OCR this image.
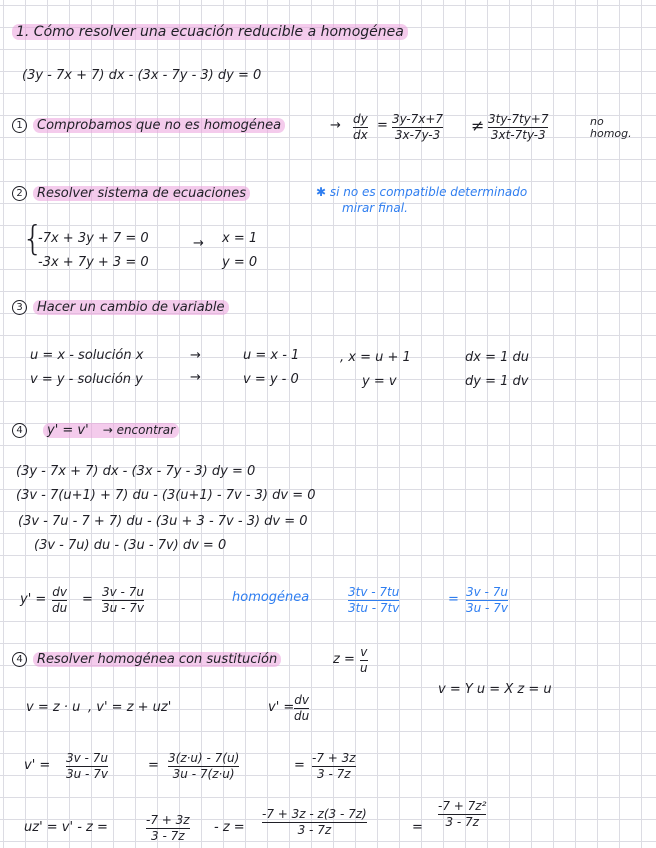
1. Cómo resolver una ecuación reducible a homogénea
(3y - 7x + 7) dx - (3x - 7y - 3) dy = 0
1 Comprobamos que no es homogénea	→ dy
dx
= 3y-7x+7
3x-7y-3 ≠ 3ty-7ty+7
3xt-7ty-3
no
homog.
2 Resolver sistema de ecuaciones	✱ si no es compatible determinado
mirar final.
{
-7x + 3y + 7 = 0
-3x + 7y + 3 = 0
→ x = 1
y = 0
3 Hacer un cambio de variable
u = x - solución x	→	u = x - 1	, x = u + 1	dx = 1 du
v = y - solución y	→	v = y - 0	y = v	dy = 1 dv
4 y' = v' → encontrar
(3y - 7x + 7) dx - (3x - 7y - 3) dy = 0
(3v - 7(u+1) + 7) du - (3(u+1) - 7v - 3) dv = 0
(3v - 7u - 7 + 7) du - (3u + 3 - 7v - 3) dv = 0
(3v - 7u) du - (3u - 7v) dv = 0
y' = dv
du
= 3v - 7u
3u - 7v
homogénea	3tv - 7tu
3tu - 7tv
= 3v - 7u
3u - 7v
4 Resolver homogénea con sustitución	z = v
u
v = Y u = X z = u
v = z · u , v' = z + uz'	v' = dv
du
v' = 3v - 7u
3u - 7v
= 3(z·u) - 7(u)
3u - 7(z·u)
= -7 + 3z
3 - 7z
uz' = v' - z =	-7 + 3z
3 - 7z
- z =
-7 + 3z - z(3 - 7z)
3 - 7z	=
-7 + 7z²
3 - 7z
